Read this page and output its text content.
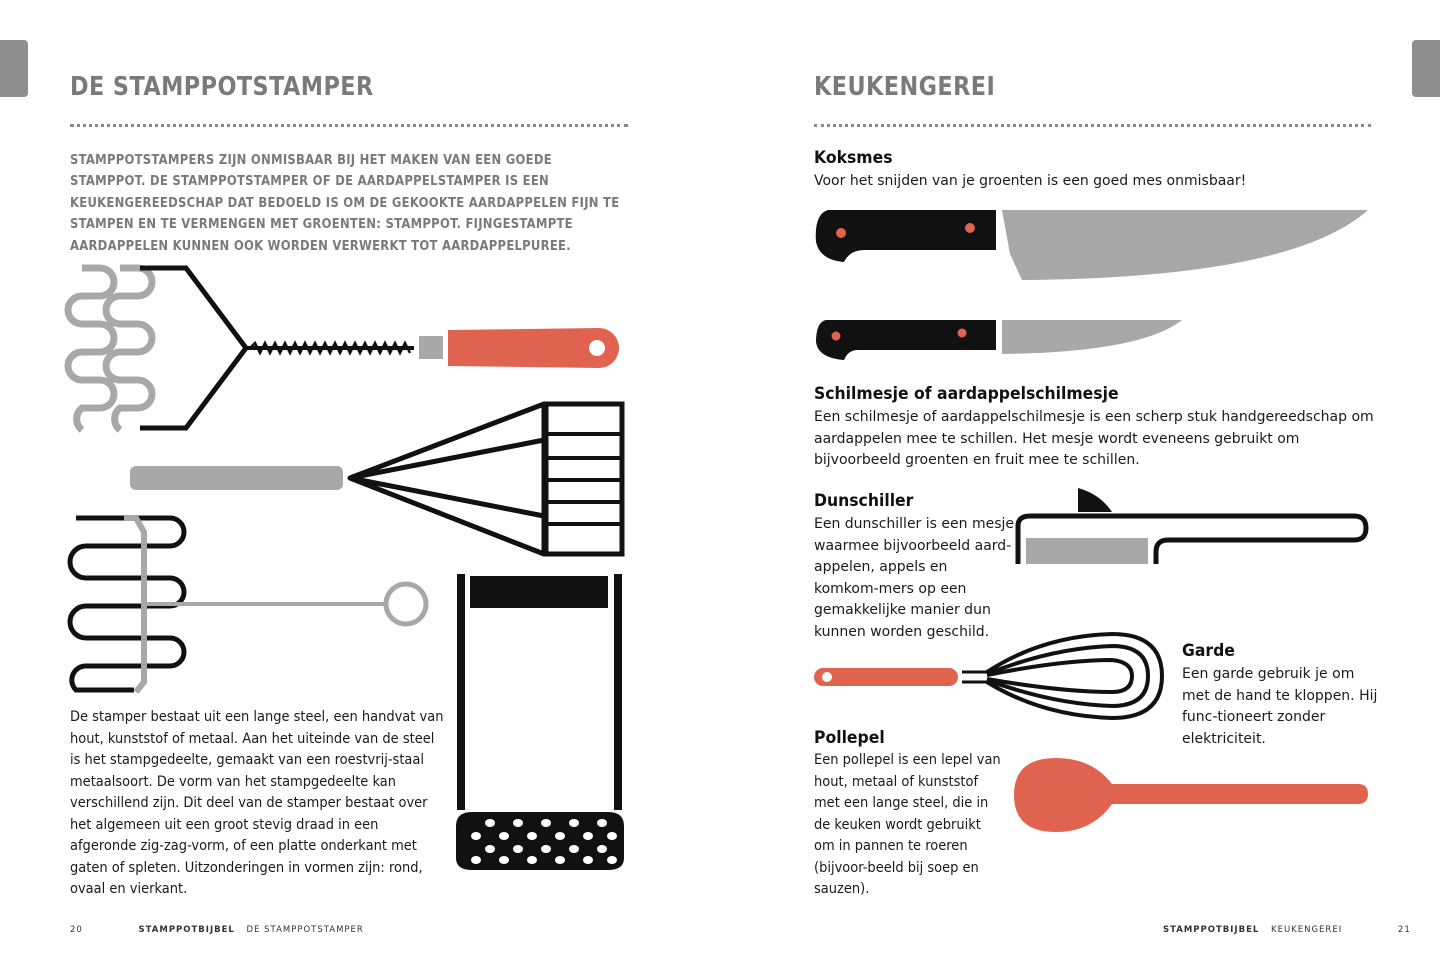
DE STAMPPOTSTAMPER

STAMPPOTSTAMPERS ZIJN ONMISBAAR BIJ HET MAKEN VAN EEN GOEDE STAMPPOT. DE STAMPPOTSTAMPER OF DE AARDAPPELSTAMPER IS EEN KEUKENGEREEDSCHAP DAT BEDOELD IS OM DE GEKOOKTE AARDAPPELEN FIJN TE STAMPEN EN TE VERMENGEN MET GROENTEN: STAMPPOT. FIJNGESTAMPTE AARDAPPELEN KUNNEN OOK WORDEN VERWERKT TOT AARDAPPELPUREE.

De stamper bestaat uit een lange steel, een handvat van hout, kunststof of metaal. Aan het uiteinde van de steel is het stampgedeelte, gemaakt van een roestvrij-staal metaalsoort. De vorm van het stampgedeelte kan verschillend zijn. Dit deel van de stamper bestaat over het algemeen uit een groot stevig draad in een afgeronde zig-zag-vorm, of een platte onderkant met gaten of spleten. Uitzonderingen in vormen zijn: rond, ovaal en vierkant.

20	STAMPPOTBIJBEL DE STAMPPOTSTAMPER
KEUKENGEREI
Koksmes

Voor het snijden van je groenten is een goed mes onmisbaar!

Schilmesje of aardappelschilmesje

Een schilmesje of aardappelschilmesje is een scherp stuk handgereedschap om aardappelen mee te schillen. Het mesje wordt eveneens gebruikt om bijvoorbeeld groenten en fruit mee te schillen.

Dunschiller

Een dunschiller is een mesje waarmee bijvoorbeeld aard-appelen, appels en komkom-mers op een gemakkelijke manier dun kunnen worden geschild.

Garde

Een garde gebruik je om met de hand te kloppen. Hij func-tioneert zonder elektriciteit.

Pollepel

Een pollepel is een lepel van hout, metaal of kunststof met een lange steel, die in de keuken wordt gebruikt om in pannen te roeren (bijvoor-beeld bij soep en sauzen).

STAMPPOTBIJBEL KEUKENGEREI	21
